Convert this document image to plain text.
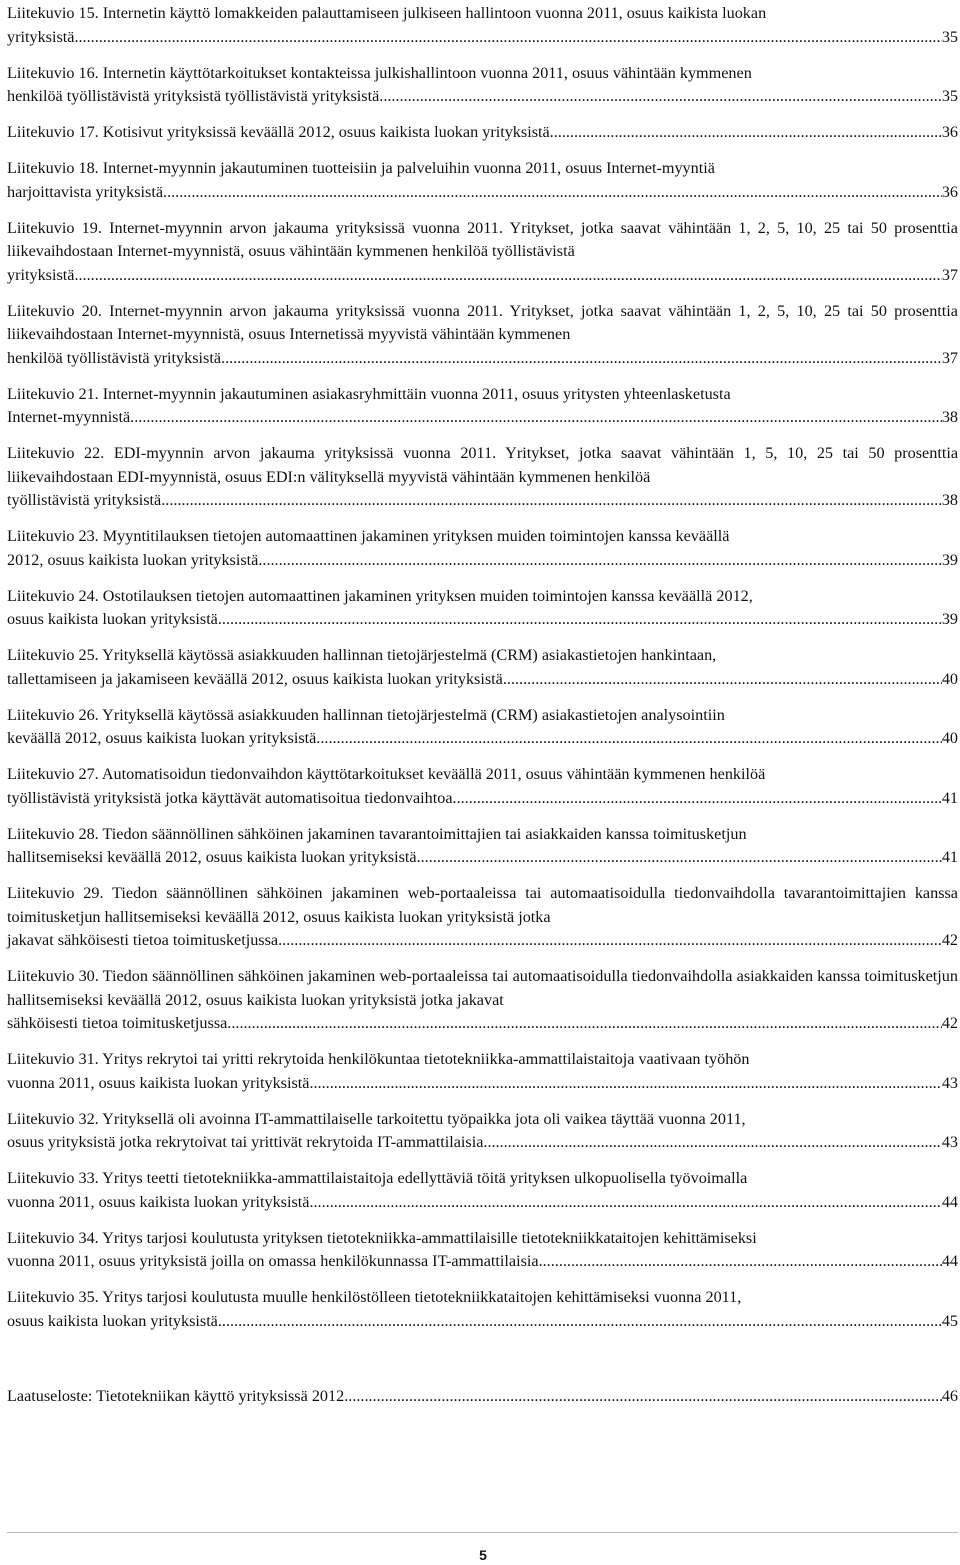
Liitekuvio 15. Internetin käyttö lomakkeiden palauttamiseen julkiseen hallintoon vuonna 2011, osuus kaikista luokan
yrityksistä. .....	35
Liitekuvio 16. Internetin käyttötarkoitukset kontakteissa julkishallintoon vuonna 2011, osuus vähintään kymmenen
henkilöä työllistävistä yrityksistä työllistävistä yrityksistä. .....	35
Liitekuvio 17. Kotisivut yrityksissä keväällä 2012, osuus kaikista luokan yrityksistä. .....	36
Liitekuvio 18. Internet-myynnin jakautuminen tuotteisiin ja palveluihin vuonna 2011, osuus Internet-myyntiä
harjoittavista yrityksistä. .....	36
Liitekuvio 19. Internet-myynnin arvon jakauma yrityksissä vuonna 2011. Yritykset, jotka saavat vähintään 1, 2, 5, 10, 25 tai 50 prosenttia liikevaihdostaan Internet-myynnistä, osuus vähintään kymmenen henkilöä työllistävistä
yrityksistä. .....	37
Liitekuvio 20. Internet-myynnin arvon jakauma yrityksissä vuonna 2011. Yritykset, jotka saavat vähintään 1, 2, 5, 10, 25 tai 50 prosenttia liikevaihdostaan Internet-myynnistä, osuus Internetissä myyvistä vähintään kymmenen
henkilöä työllistävistä yrityksistä. .....	37
Liitekuvio 21. Internet-myynnin jakautuminen asiakasryhmittäin vuonna 2011, osuus yritysten yhteenlasketusta
Internet-myynnistä. .....	38
Liitekuvio 22. EDI-myynnin arvon jakauma yrityksissä vuonna 2011. Yritykset, jotka saavat vähintään 1, 5, 10, 25 tai 50 prosenttia liikevaihdostaan EDI-myynnistä, osuus EDI:n välityksellä myyvistä vähintään kymmenen henkilöä
työllistävistä yrityksistä. .....	38
Liitekuvio 23. Myyntitilauksen tietojen automaattinen jakaminen yrityksen muiden toimintojen kanssa keväällä
2012, osuus kaikista luokan yrityksistä. .....	39
Liitekuvio 24. Ostotilauksen tietojen automaattinen jakaminen yrityksen muiden toimintojen kanssa keväällä 2012,
osuus kaikista luokan yrityksistä. .....	39
Liitekuvio 25. Yrityksellä käytössä asiakkuuden hallinnan tietojärjestelmä (CRM) asiakastietojen hankintaan,
tallettamiseen ja jakamiseen keväällä 2012, osuus kaikista luokan yrityksistä. .....	40
Liitekuvio 26. Yrityksellä käytössä asiakkuuden hallinnan tietojärjestelmä (CRM) asiakastietojen analysointiin
keväällä 2012, osuus kaikista luokan yrityksistä. .....	40
Liitekuvio 27. Automatisoidun tiedonvaihdon käyttötarkoitukset keväällä 2011, osuus vähintään kymmenen henkilöä
työllistävistä yrityksistä jotka käyttävät automatisoitua tiedonvaihtoa. .....	41
Liitekuvio 28. Tiedon säännöllinen sähköinen jakaminen tavarantoimittajien tai asiakkaiden kanssa toimitusketjun
hallitsemiseksi keväällä 2012, osuus kaikista luokan yrityksistä. .....	41
Liitekuvio 29. Tiedon säännöllinen sähköinen jakaminen web-portaaleissa tai automaatisoidulla tiedonvaihdolla tavarantoimittajien kanssa toimitusketjun hallitsemiseksi keväällä 2012, osuus kaikista luokan yrityksistä jotka
jakavat sähköisesti tietoa toimitusketjussa. .....	42
Liitekuvio 30. Tiedon säännöllinen sähköinen jakaminen web-portaaleissa tai automaatisoidulla tiedonvaihdolla asiakkaiden kanssa toimitusketjun hallitsemiseksi keväällä 2012, osuus kaikista luokan yrityksistä jotka jakavat
sähköisesti tietoa toimitusketjussa. .....	42
Liitekuvio 31. Yritys rekrytoi tai yritti rekrytoida henkilökuntaa tietotekniikka-ammattilaistaitoja vaativaan työhön
vuonna 2011, osuus kaikista luokan yrityksistä. .....	43
Liitekuvio 32. Yrityksellä oli avoinna IT-ammattilaiselle tarkoitettu työpaikka jota oli vaikea täyttää vuonna 2011,
osuus yrityksistä jotka rekrytoivat tai yrittivät rekrytoida IT-ammattilaisia. .....	43
Liitekuvio 33. Yritys teetti tietotekniikka-ammattilaistaitoja edellyttäviä töitä yrityksen ulkopuolisella työvoimalla
vuonna 2011, osuus kaikista luokan yrityksistä. .....	44
Liitekuvio 34. Yritys tarjosi koulutusta yrityksen tietotekniikka-ammattilaisille tietotekniikkataitojen kehittämiseksi
vuonna 2011, osuus yrityksistä joilla on omassa henkilökunnassa IT-ammattilaisia. .....	44
Liitekuvio 35. Yritys tarjosi koulutusta muulle henkilöstölleen tietotekniikkataitojen kehittämiseksi vuonna 2011,
osuus kaikista luokan yrityksistä. .....	45
Laatuseloste: Tietotekniikan käyttö yrityksissä 2012. .....	46
5
